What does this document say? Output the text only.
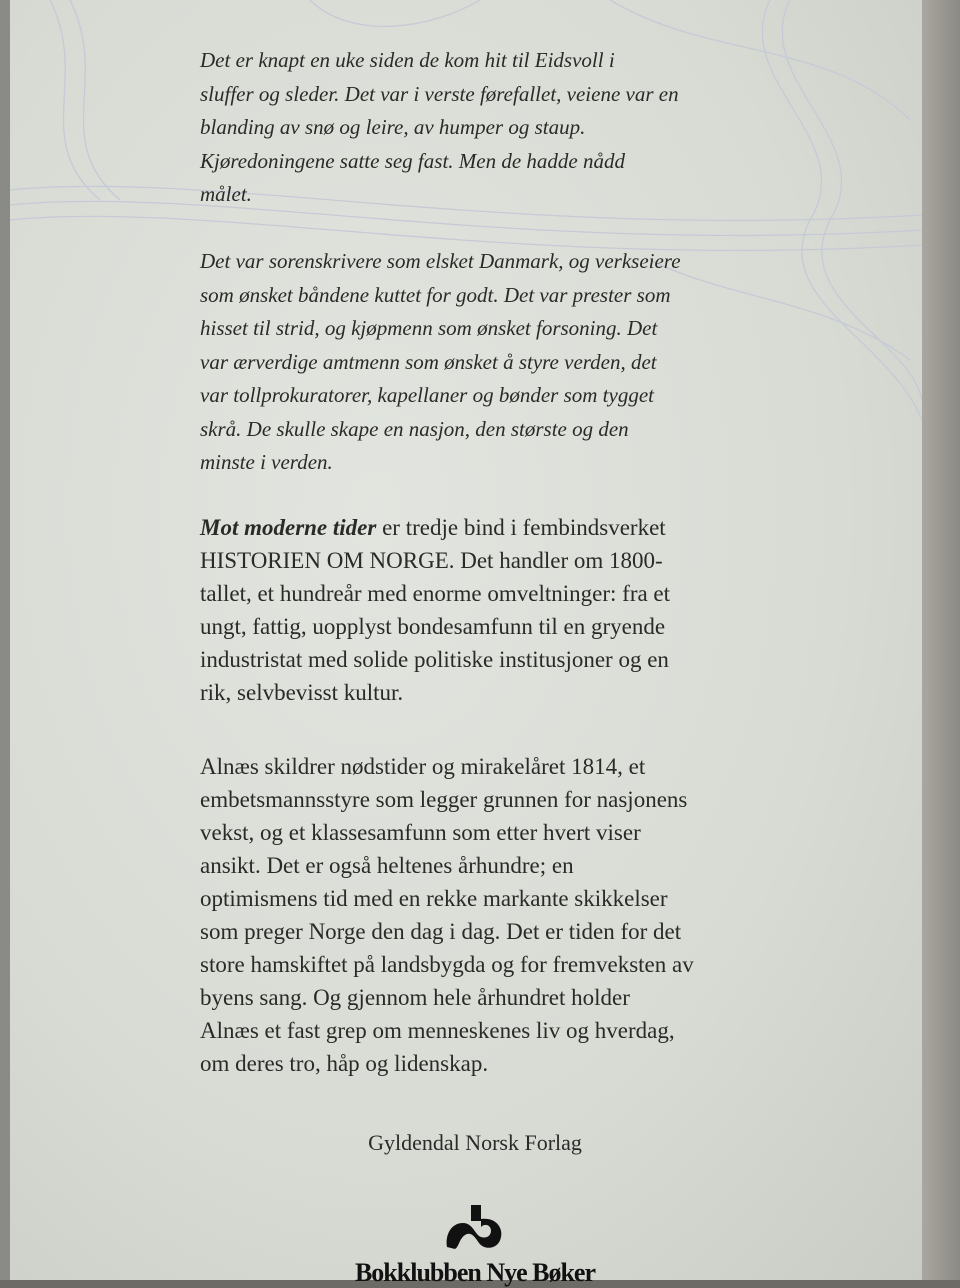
Det er knapt en uke siden de kom hit til Eidsvoll i
sluffer og sleder. Det var i verste førefallet, veiene var en
blanding av snø og leire, av humper og staup.
Kjøredoningene satte seg fast. Men de hadde nådd
målet.
Det var sorenskrivere som elsket Danmark, og verkseiere
som ønsket båndene kuttet for godt. Det var prester som
hisset til strid, og kjøpmenn som ønsket forsoning. Det
var ærverdige amtmenn som ønsket å styre verden, det
var tollprokuratorer, kapellaner og bønder som tygget
skrå. De skulle skape en nasjon, den største og den
minste i verden.
Mot moderne tider er tredje bind i fembindsverket
HISTORIEN OM NORGE. Det handler om 1800-
tallet, et hundreår med enorme omveltninger: fra et
ungt, fattig, uopplyst bondesamfunn til en gryende
industristat med solide politiske institusjoner og en
rik, selvbevisst kultur.
Alnæs skildrer nødstider og mirakelåret 1814, et
embetsmannsstyre som legger grunnen for nasjonens
vekst, og et klassesamfunn som etter hvert viser
ansikt. Det er også heltenes århundre; en
optimismens tid med en rekke markante skikkelser
som preger Norge den dag i dag. Det er tiden for det
store hamskiftet på landsbygda og for fremveksten av
byens sang. Og gjennom hele århundret holder
Alnæs et fast grep om menneskenes liv og hverdag,
om deres tro, håp og lidenskap.
Gyldendal Norsk Forlag
Bokklubben Nye Bøker
